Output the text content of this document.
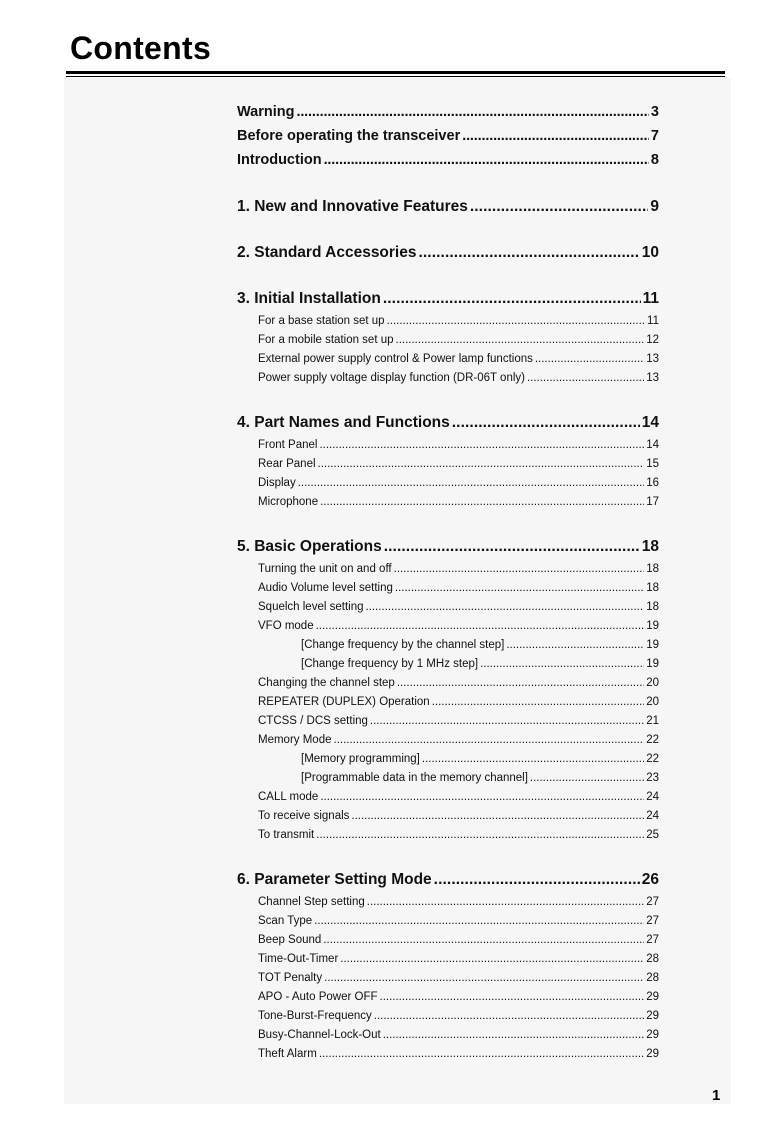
Contents
Warning . . .	3
Before operating the transceiver . . .	7
Introduction . . .	8
1. New and Innovative Features . . .	9
2. Standard Accessories . . .	10
3. Initial Installation . . .	11
For a base station set up . . .	11
For a mobile station set up . . .	12
External power supply control & Power lamp functions . . .	13
Power supply voltage display function (DR-06T only) . . .	13
4. Part Names and Functions . . .	14
Front Panel . . .	14
Rear Panel . . .	15
Display . . .	16
Microphone . . .	17
5. Basic Operations . . .	18
Turning the unit on and off . . .	18
Audio Volume level setting . . .	18
Squelch level setting . . .	18
VFO mode . . .	19
[Change frequency by the channel step] . . .	19
[Change frequency by 1 MHz step] . . .	19
Changing the channel step . . .	20
REPEATER (DUPLEX) Operation . . .	20
CTCSS / DCS setting . . .	21
Memory Mode . . .	22
[Memory programming] . . .	22
[Programmable data in the memory channel] . . .	23
CALL mode . . .	24
To receive signals . . .	24
To transmit . . .	25
6. Parameter Setting Mode . . .	26
Channel Step setting . . .	27
Scan Type . . .	27
Beep Sound . . .	27
Time-Out-Timer . . .	28
TOT Penalty . . .	28
APO - Auto Power OFF . . .	29
Tone-Burst-Frequency . . .	29
Busy-Channel-Lock-Out . . .	29
Theft Alarm . . .	29
1
